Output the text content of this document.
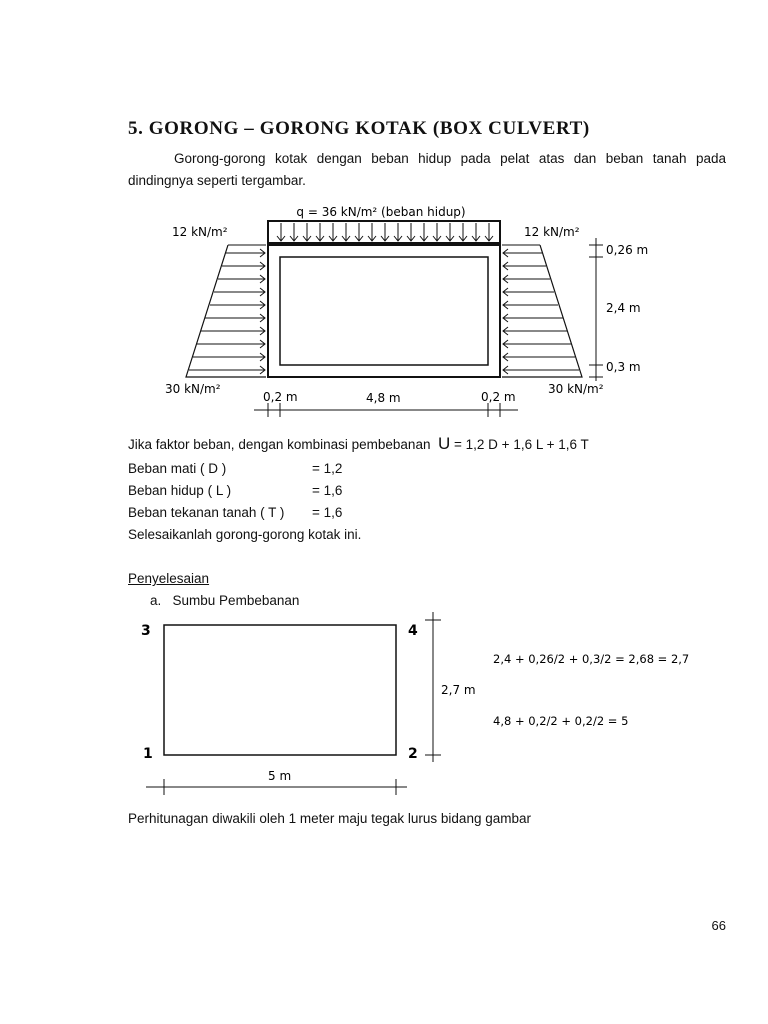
5. GORONG – GORONG KOTAK (BOX CULVERT)
Gorong-gorong kotak dengan beban hidup pada pelat atas dan beban tanah pada dindingnya seperti tergambar.
q = 36 kN/m² (beban hidup)
12 kN/m²
30 kN/m²
12 kN/m²
30 kN/m²
0,26 m
2,4 m
0,3 m
0,2 m	4,8 m	0,2 m
Jika faktor beban, dengan kombinasi pembebanan U = 1,2 D + 1,6 L + 1,6 T
Beban mati ( D )	= 1,2
Beban hidup ( L )	= 1,6
Beban tekanan tanah ( T ) = 1,6
Selesaikanlah gorong-gorong kotak ini.
Penyelesaian
a. Sumbu Pembebanan
3	4
1	2
2,7 m
5 m
2,4 + 0,26/2 + 0,3/2 = 2,68 = 2,7
4,8 + 0,2/2 + 0,2/2 = 5
Perhitunagan diwakili oleh 1 meter maju tegak lurus bidang gambar
66
